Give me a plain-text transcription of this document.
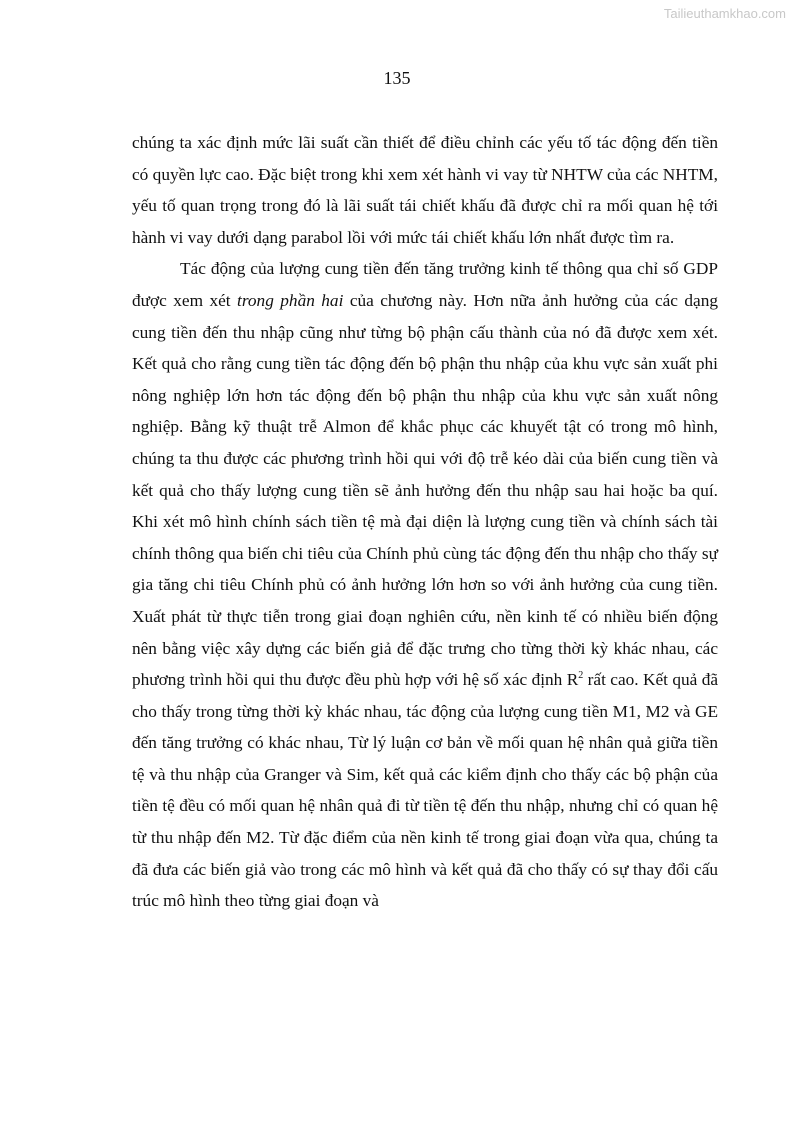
Tailieuthamkhao.com
135

chúng ta xác định mức lãi suất cần thiết để điều chỉnh các yếu tố tác động đến tiền có quyền lực cao. Đặc biệt trong khi xem xét hành vi vay từ NHTW của các NHTM, yếu tố quan trọng trong đó là lãi suất tái chiết khấu đã được chỉ ra mối quan hệ tới hành vi vay dưới dạng parabol lồi với mức tái chiết khấu lớn nhất được tìm ra.

Tác động của lượng cung tiền đến tăng trưởng kinh tế thông qua chỉ số GDP được xem xét trong phần hai của chương này. Hơn nữa ảnh hưởng của các dạng cung tiền đến thu nhập cũng như từng bộ phận cấu thành của nó đã được xem xét. Kết quả cho rằng cung tiền tác động đến bộ phận thu nhập của khu vực sản xuất phi nông nghiệp lớn hơn tác động đến bộ phận thu nhập của khu vực sản xuất nông nghiệp. Bằng kỹ thuật trễ Almon để khắc phục các khuyết tật có trong mô hình, chúng ta thu được các phương trình hồi qui với độ trễ kéo dài của biến cung tiền và kết quả cho thấy lượng cung tiền sẽ ảnh hưởng đến thu nhập sau hai hoặc ba quí. Khi xét mô hình chính sách tiền tệ mà đại diện là lượng cung tiền và chính sách tài chính thông qua biến chi tiêu của Chính phủ cùng tác động đến thu nhập cho thấy sự gia tăng chi tiêu Chính phủ có ảnh hưởng lớn hơn so với ảnh hưởng của cung tiền. Xuất phát từ thực tiễn trong giai đoạn nghiên cứu, nền kinh tế có nhiều biến động nên bằng việc xây dựng các biến giả để đặc trưng cho từng thời kỳ khác nhau, các phương trình hồi qui thu được đều phù hợp với hệ số xác định $R^2$ rất cao. Kết quả đã cho thấy trong từng thời kỳ khác nhau, tác động của lượng cung tiền M1, M2 và GE đến tăng trưởng có khác nhau, Từ lý luận cơ bản về mối quan hệ nhân quả giữa tiền tệ và thu nhập của Granger và Sim, kết quả các kiểm định cho thấy các bộ phận của tiền tệ đều có mối quan hệ nhân quả đi từ tiền tệ đến thu nhập, nhưng chỉ có quan hệ từ thu nhập đến M2. Từ đặc điểm của nền kinh tế trong giai đoạn vừa qua, chúng ta đã đưa các biến giả vào trong các mô hình và kết quả đã cho thấy có sự thay đổi cấu trúc mô hình theo từng giai đoạn và
